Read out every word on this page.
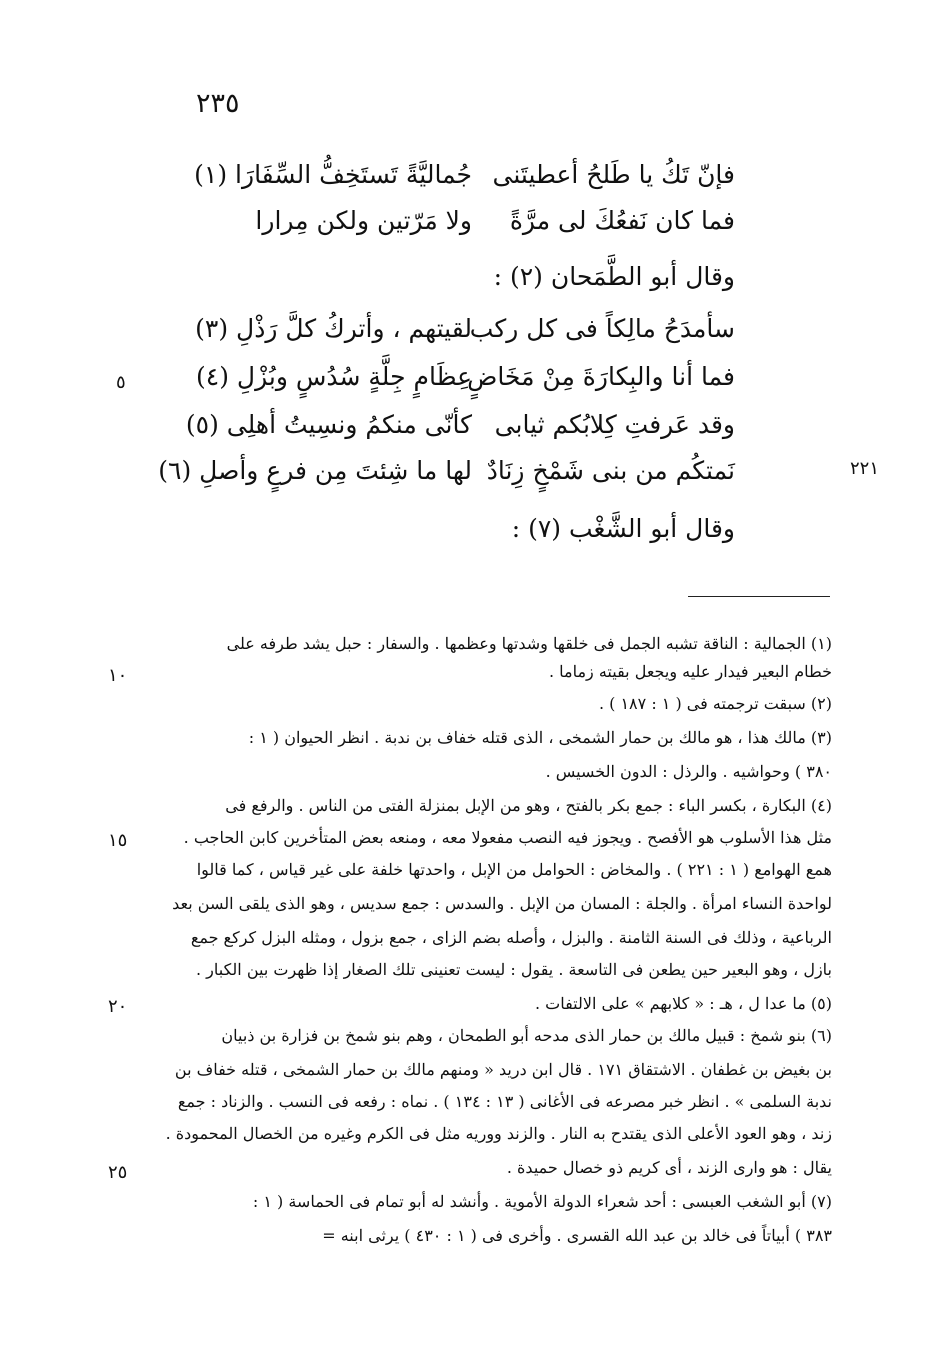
٢٣٥
٢٢١
٥
١٠
١٥
٢٠
٢٥
فإنّ تَكُ يا طَلحُ أعطيتَنى
جُماليَّةً تَستَخِفُّ السِّفَارَا (١)
فما كان نَفعُكَ لى مرَّةً
ولا مَرّتين ولكن مِرارا
وقال أبو الطَّمَحان (٢) :
سأمدَحُ مالِكاً فى كل ركب
لقيتهم ، وأتركُ كلَّ رَذْلِ (٣)
فما أنا والبِكارَةَ مِنْ مَخَاضٍ
عِظَامٍ جِلَّةٍ سُدُسٍ وبُزْلِ (٤)
وقد عَرفتِ كِلابُكم ثيابى
كأنّى منكمُ ونسِيتُ أهلِى (٥)
نَمتكُم من بنى شَمْخٍ زِنَادٌ
لها ما شِئتَ مِن فرعٍ وأصلِ (٦)
وقال أبو الشَّغْب (٧) :
(١) الجمالية : الناقة تشبه الجمل فى خلقها وشدتها وعظمها . والسفار : حبل يشد طرفه على
خطام البعير فيدار عليه ويجعل بقيته زماما .
(٢) سبقت ترجمته فى ( ١ : ١٨٧ ) .
(٣) مالك هذا ، هو مالك بن حمار الشمخى ، الذى قتله خفاف بن ندبة . انظر الحيوان ( ١ :
٣٨٠ ) وحواشيه . والرذل : الدون الخسيس .
(٤) البكارة ، بكسر الباء : جمع بكر بالفتح ، وهو من الإبل بمنزلة الفتى من الناس . والرفع فى
مثل هذا الأسلوب هو الأفصح . ويجوز فيه النصب مفعولا معه ، ومنعه بعض المتأخرين كابن الحاجب .
همع الهوامع ( ١ : ٢٢١ ) . والمخاض : الحوامل من الإبل ، واحدتها خلفة على غير قياس ، كما قالوا
لواحدة النساء امرأة . والجلة : المسان من الإبل . والسدس : جمع سديس ، وهو الذى يلقى السن بعد
الرباعية ، وذلك فى السنة الثامنة . والبزل ، وأصله بضم الزاى ، جمع بزول ، ومثله البزل كركع جمع
بازل ، وهو البعير حين يطعن فى التاسعة . يقول : ليست تعنينى تلك الصغار إذا ظهرت بين الكبار .
(٥) ما عدا ل ، هـ : « كلابهم » على الالتفات .
(٦) بنو شمخ : قبيل مالك بن حمار الذى مدحه أبو الطمحان ، وهم بنو شمخ بن فزارة بن ذبيان
بن بغيض بن غطفان . الاشتقاق ١٧١ . قال ابن دريد « ومنهم مالك بن حمار الشمخى ، قتله خفاف بن
ندبة السلمى » . انظر خبر مصرعه فى الأغانى ( ١٣ : ١٣٤ ) . نماه : رفعه فى النسب . والزناد : جمع
زند ، وهو العود الأعلى الذى يقتدح به النار . والزند ووريه مثل فى الكرم وغيره من الخصال المحمودة .
يقال : هو وارى الزند ، أى كريم ذو خصال حميدة .
(٧) أبو الشغب العبسى : أحد شعراء الدولة الأموية . وأنشد له أبو تمام فى الحماسة ( ١ :
٣٨٣ ) أبياتاً فى خالد بن عبد الله القسرى . وأخرى فى ( ١ : ٤٣٠ ) يرثى ابنه =
